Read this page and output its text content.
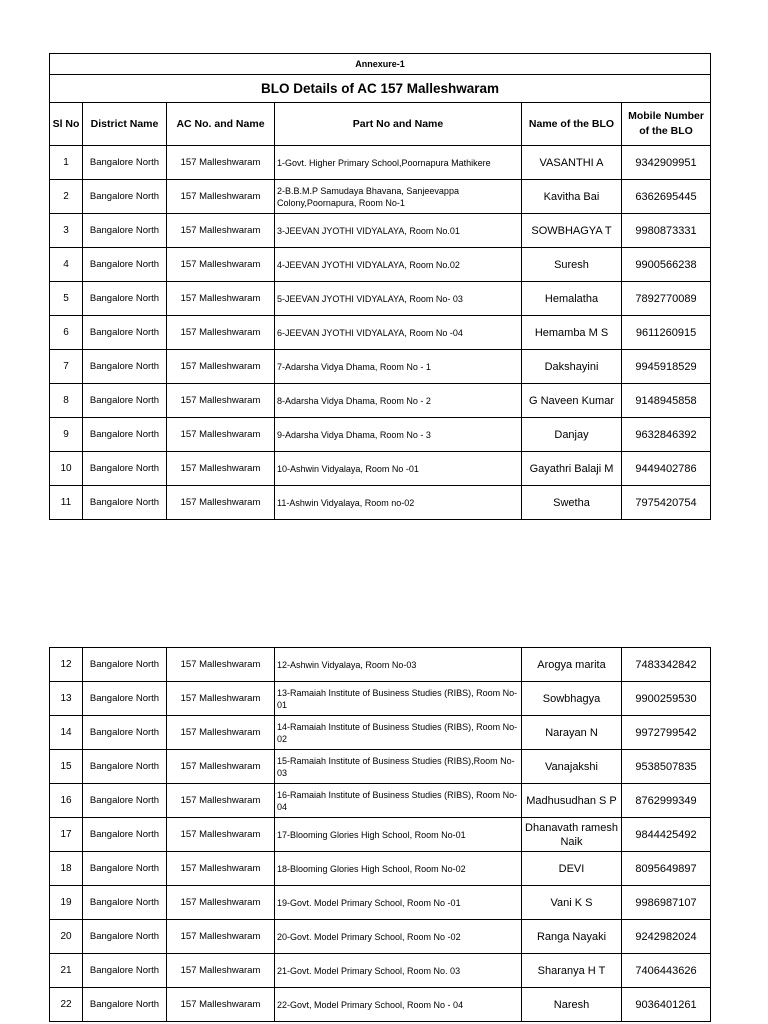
Annexure-1					
BLO Details of AC 157 Malleshwaram					
Sl No	District Name	AC No. and Name	Part No and Name	Name of the BLO	Mobile Number of the BLO
1	Bangalore North	157 Malleshwaram	1-Govt. Higher Primary School,Poornapura Mathikere	VASANTHI A	9342909951
2	Bangalore North	157 Malleshwaram	2-B.B.M.P Samudaya Bhavana, Sanjeevappa Colony,Poornapura, Room No-1	Kavitha Bai	6362695445
3	Bangalore North	157 Malleshwaram	3-JEEVAN JYOTHI VIDYALAYA, Room No.01	SOWBHAGYA T	9980873331
4	Bangalore North	157 Malleshwaram	4-JEEVAN JYOTHI VIDYALAYA, Room No.02	Suresh	9900566238
5	Bangalore North	157 Malleshwaram	5-JEEVAN JYOTHI VIDYALAYA, Room No- 03	Hemalatha	7892770089
6	Bangalore North	157 Malleshwaram	6-JEEVAN JYOTHI VIDYALAYA, Room No -04	Hemamba M S	9611260915
7	Bangalore North	157 Malleshwaram	7-Adarsha Vidya Dhama, Room No - 1	Dakshayini	9945918529
8	Bangalore North	157 Malleshwaram	8-Adarsha Vidya Dhama, Room No - 2	G Naveen Kumar	9148945858
9	Bangalore North	157 Malleshwaram	9-Adarsha Vidya Dhama, Room No - 3	Danjay	9632846392
10	Bangalore North	157 Malleshwaram	10-Ashwin Vidyalaya, Room No -01	Gayathri Balaji M	9449402786
11	Bangalore North	157 Malleshwaram	11-Ashwin Vidyalaya, Room no-02	Swetha	7975420754
12	Bangalore North	157 Malleshwaram	12-Ashwin Vidyalaya, Room No-03	Arogya marita	7483342842
13	Bangalore North	157 Malleshwaram	13-Ramaiah Institute of Business Studies (RIBS), Room No-01	Sowbhagya	9900259530
14	Bangalore North	157 Malleshwaram	14-Ramaiah Institute of Business Studies (RIBS), Room No-02	Narayan N	9972799542
15	Bangalore North	157 Malleshwaram	15-Ramaiah Institute of Business Studies (RIBS),Room No-03	Vanajakshi	9538507835
16	Bangalore North	157 Malleshwaram	16-Ramaiah Institute of Business Studies (RIBS), Room No-04	Madhusudhan S P	8762999349
17	Bangalore North	157 Malleshwaram	17-Blooming Glories High School, Room No-01	Dhanavath ramesh Naik	9844425492
18	Bangalore North	157 Malleshwaram	18-Blooming Glories High School, Room No-02	DEVI	8095649897
19	Bangalore North	157 Malleshwaram	19-Govt. Model Primary School, Room No -01	Vani K S	9986987107
20	Bangalore North	157 Malleshwaram	20-Govt. Model Primary School, Room No -02	Ranga Nayaki	9242982024
21	Bangalore North	157 Malleshwaram	21-Govt. Model Primary School, Room No. 03	Sharanya H T	7406443626
22	Bangalore North	157 Malleshwaram	22-Govt, Model Primary School, Room No - 04	Naresh	9036401261
